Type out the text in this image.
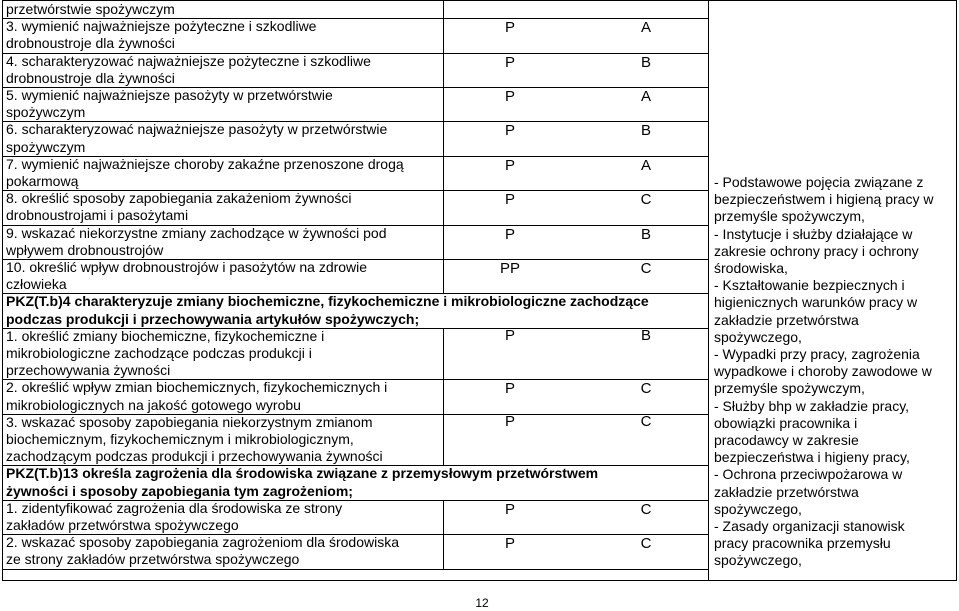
przetwórstwie spożywczym
3. wymienić najważniejsze pożyteczne i szkodliwe
drobnoustroje dla żywności
P	A
4. scharakteryzować najważniejsze pożyteczne i szkodliwe
drobnoustroje dla żywności
P	B
5. wymienić najważniejsze pasożyty w przetwórstwie
spożywczym
P	A
6. scharakteryzować najważniejsze pasożyty w przetwórstwie
spożywczym
P	B
7. wymienić najważniejsze choroby zakaźne przenoszone drogą
pokarmową
P	A
8. określić sposoby zapobiegania zakażeniom żywności
drobnoustrojami i pasożytami
P	C
9. wskazać niekorzystne zmiany zachodzące w żywności pod
wpływem drobnoustrojów
P	B
10. określić wpływ drobnoustrojów i pasożytów na zdrowie
człowieka
PP	C
PKZ(T.b)4 charakteryzuje zmiany biochemiczne, fizykochemiczne i mikrobiologiczne zachodzące
podczas produkcji i przechowywania artykułów spożywczych;
1. określić zmiany biochemiczne, fizykochemiczne i
mikrobiologiczne zachodzące podczas produkcji i
przechowywania żywności
P	B
2. określić wpływ zmian biochemicznych, fizykochemicznych i
mikrobiologicznych na jakość gotowego wyrobu
P	C
3. wskazać sposoby zapobiegania niekorzystnym zmianom
biochemicznym, fizykochemicznym i mikrobiologicznym,
zachodzącym podczas produkcji i przechowywania żywności
P	C
PKZ(T.b)13 określa zagrożenia dla środowiska związane z przemysłowym przetwórstwem
żywności i sposoby zapobiegania tym zagrożeniom;
1. zidentyfikować zagrożenia dla środowiska ze strony
zakładów przetwórstwa spożywczego
P	C
2. wskazać sposoby zapobiegania zagrożeniom dla środowiska
ze strony zakładów przetwórstwa spożywczego
P	C
- Podstawowe pojęcia związane z
bezpieczeństwem i higieną pracy w
przemyśle spożywczym,
- Instytucje i służby działające w
zakresie ochrony pracy i ochrony
środowiska,
- Kształtowanie bezpiecznych i
higienicznych warunków pracy w
zakładzie przetwórstwa
spożywczego,
- Wypadki przy pracy, zagrożenia
wypadkowe i choroby zawodowe w
przemyśle spożywczym,
- Służby bhp w zakładzie pracy,
obowiązki pracownika i
pracodawcy w zakresie
bezpieczeństwa i higieny pracy,
- Ochrona przeciwpożarowa w
zakładzie przetwórstwa
spożywczego,
- Zasady organizacji stanowisk
pracy pracownika przemysłu
spożywczego,
12
